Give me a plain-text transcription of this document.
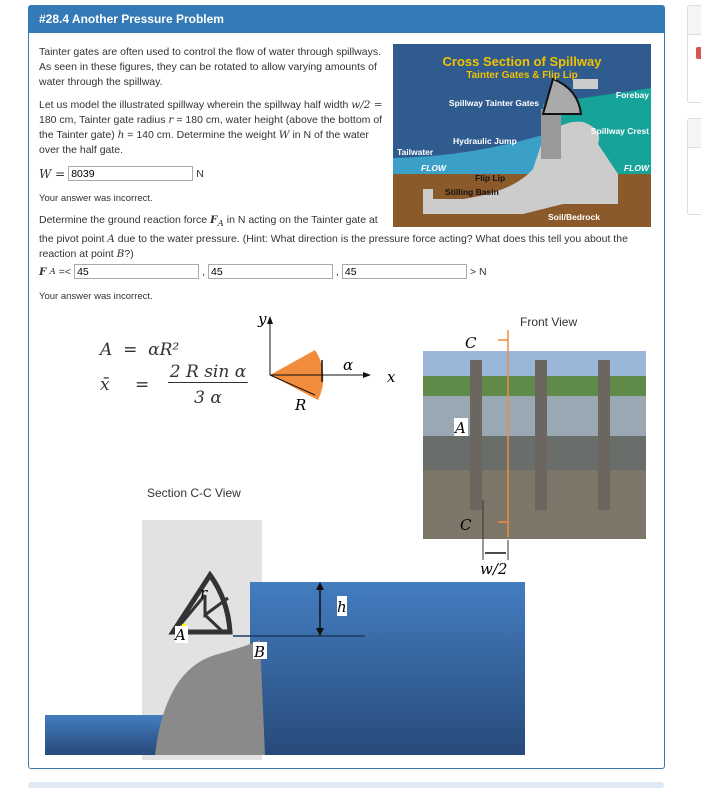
#28.4 Another Pressure Problem

Tainter gates are often used to control the flow of water through spillways. As seen in these figures, they can be rotated to allow varying amounts of water through the spillway.

Let us model the illustrated spillway wherein the spillway half width w/2 = 180 cm, Tainter gate radius r = 180 cm, water height (above the bottom of the Tainter gate) h = 140 cm. Determine the weight W in N of the water over the half gate.

W =
8039	N

Your answer was incorrect.

Determine the ground reaction force $F_A$ in N acting on the Tainter gate at the pivot point A due to the water pressure. (Hint: What direction is the pressure force acting? What does this tell you about the reaction at point B?)

F A =<
45	,
45	,
45	> N

Your answer was incorrect.

Cross Section of Spillway
Tainter Gates & Flip Lip
Forebay
Spillway Tainter Gates
Spillway Crest
Hydraulic Jump
Tailwater
FLOW	FLOW
Flip Lip
Stilling Basin
Soil/Bedrock
A = αR²
x̄ =
2 R sin α
3 α
y
x
α
R
Front View
C
C
A
w/2
Section C-C View
r
A
B
h
